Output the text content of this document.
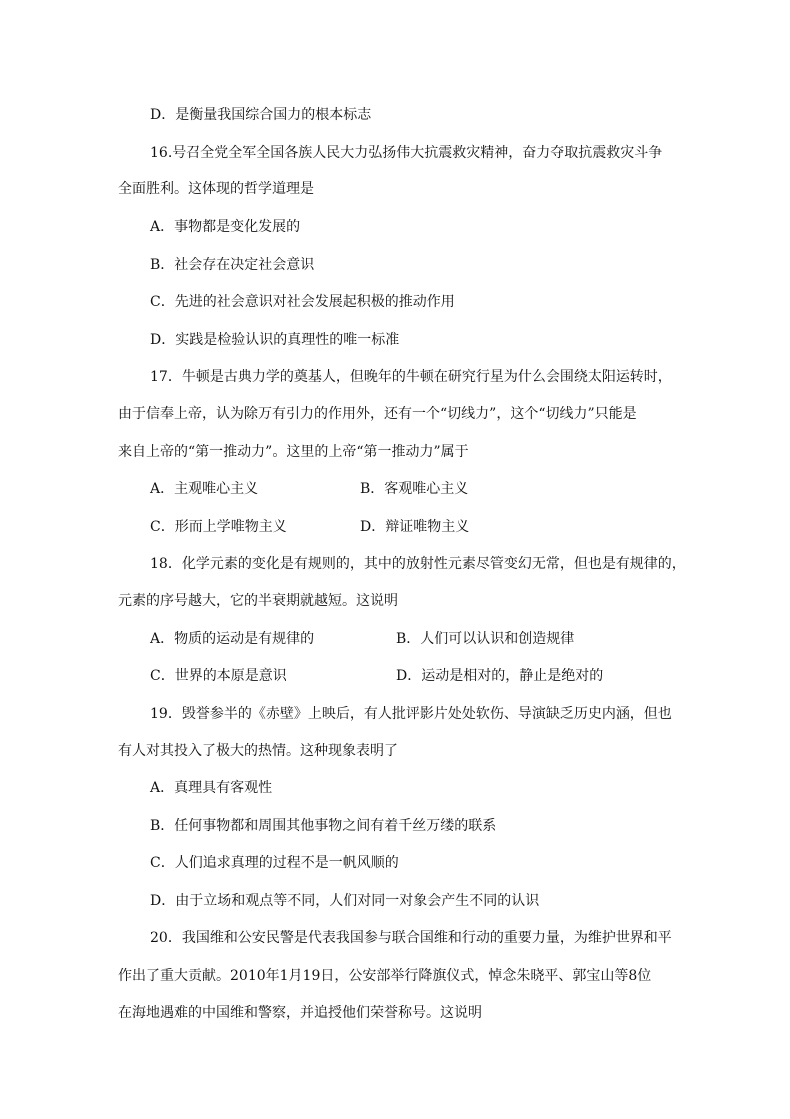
D．是衡量我国综合国力的根本标志
16.号召全党全军全国各族人民大力弘扬伟大抗震救灾精神，奋力夺取抗震救灾斗争
全面胜利。这体现的哲学道理是
A．事物都是变化发展的
B．社会存在决定社会意识
C．先进的社会意识对社会发展起积极的推动作用
D．实践是检验认识的真理性的唯一标准
17．牛顿是古典力学的奠基人，但晚年的牛顿在研究行星为什么会围绕太阳运转时，
由于信奉上帝，认为除万有引力的作用外，还有一个“切线力”，这个“切线力”只能是
来自上帝的“第一推动力”。这里的上帝“第一推动力”属于
A．主观唯心主义	B．客观唯心主义
C．形而上学唯物主义	D．辩证唯物主义
18．化学元素的变化是有规则的，其中的放射性元素尽管变幻无常，但也是有规律的，
元素的序号越大，它的半衰期就越短。这说明
A．物质的运动是有规律的	B．人们可以认识和创造规律
C．世界的本原是意识	D．运动是相对的，静止是绝对的
19．毁誉参半的《赤壁》上映后，有人批评影片处处软伤、导演缺乏历史内涵，但也
有人对其投入了极大的热情。这种现象表明了
A．真理具有客观性
B．任何事物都和周围其他事物之间有着千丝万缕的联系
C．人们追求真理的过程不是一帆风顺的
D．由于立场和观点等不同，人们对同一对象会产生不同的认识
20．我国维和公安民警是代表我国参与联合国维和行动的重要力量，为维护世界和平
作出了重大贡献。2010年1月19日，公安部举行降旗仪式，悼念朱晓平、郭宝山等8位
在海地遇难的中国维和警察，并追授他们荣誉称号。这说明
